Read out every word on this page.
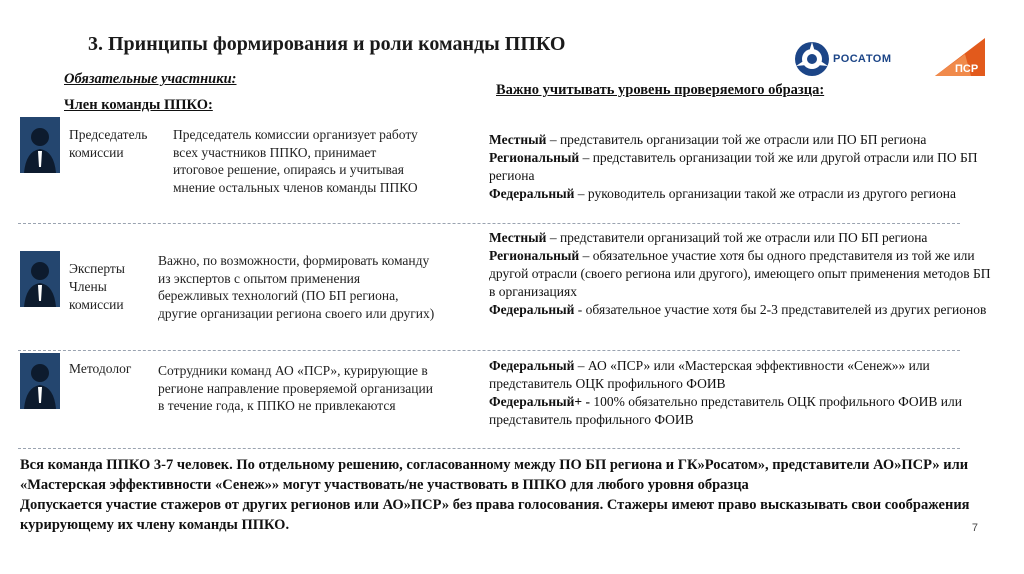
3. Принципы формирования и роли команды ППКО
РОСАТОМ
ПСР
Обязательные участники:
Член команды ППКО:
Важно учитывать уровень проверяемого образца:
Председатель
комиссии
Председатель комиссии организует работу
всех участников ППКО, принимает
итоговое решение, опираясь и учитывая
мнение остальных членов команды ППКО
Местный – представитель организации той же отрасли или ПО БП региона
Региональный – представитель организации той же или другой отрасли или ПО БП региона
Федеральный – руководитель организации такой же отрасли из другого региона
Эксперты
Члены
комиссии
Важно, по возможности, формировать команду
из экспертов с опытом применения
бережливых технологий (ПО БП региона,
другие организации региона своего или других)
Местный – представители организаций той же отрасли или ПО БП региона
Региональный – обязательное участие хотя бы одного представителя из той же или другой отрасли (своего региона или другого), имеющего опыт применения методов БП в организациях
Федеральный - обязательное участие хотя бы 2-3 представителей из других регионов
Методолог Сотрудники команд АО «ПСР», курирующие в
регионе направление проверяемой организации
в течение года, к ППКО не привлекаются
Федеральный – АО «ПСР» или «Мастерская эффективности «Сенеж»» или представитель ОЦК профильного ФОИВ
Федеральный+ - 100% обязательно представитель ОЦК профильного ФОИВ или представитель профильного ФОИВ
Вся команда ППКО 3-7 человек. По отдельному решению, согласованному между ПО БП региона и ГК»Росатом», представители АО»ПСР» или «Мастерская эффективности «Сенеж»» могут участвовать/не участвовать в ППКО для любого уровня образца
Допускается участие стажеров от других регионов или АО»ПСР» без права голосования. Стажеры имеют право высказывать свои соображения курирующему их члену команды ППКО.	7
